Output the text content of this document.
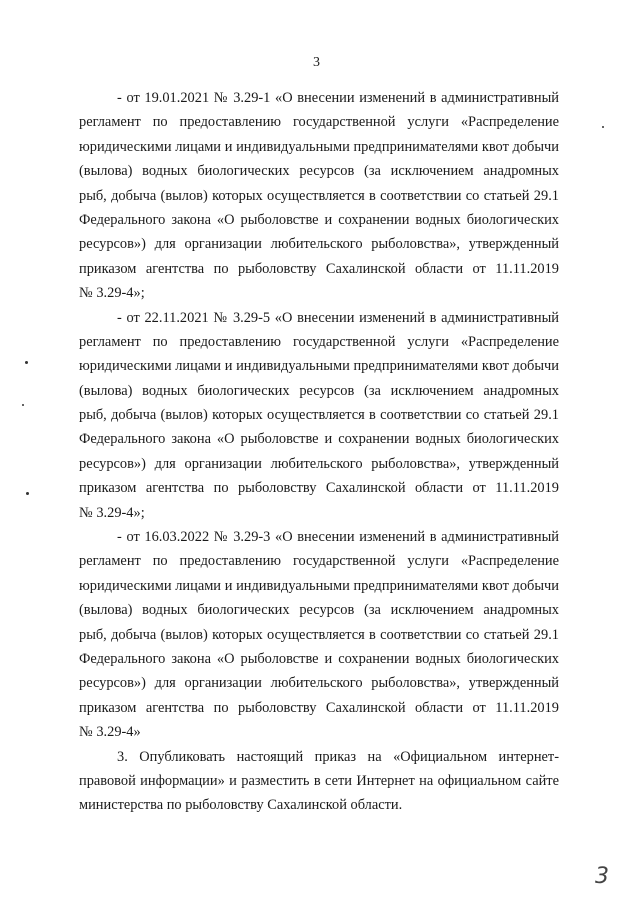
3
- от 19.01.2021 № 3.29-1 «О внесении изменений в административный
регламент по предоставлению государственной услуги «Распределение
юридическими лицами и индивидуальными предпринимателями квот добычи
(вылова) водных биологических ресурсов (за исключением анадромных
рыб, добыча (вылов) которых осуществляется в соответствии со статьей 29.1
Федерального закона «О рыболовстве и сохранении водных биологических
ресурсов») для организации любительского рыболовства», утвержденный
приказом агентства по рыболовству Сахалинской области от 11.11.2019
№ 3.29-4»;
- от 22.11.2021 № 3.29-5 «О внесении изменений в административный
регламент по предоставлению государственной услуги «Распределение
юридическими лицами и индивидуальными предпринимателями квот добычи
(вылова) водных биологических ресурсов (за исключением анадромных
рыб, добыча (вылов) которых осуществляется в соответствии со статьей 29.1
Федерального закона «О рыболовстве и сохранении водных биологических
ресурсов») для организации любительского рыболовства», утвержденный
приказом агентства по рыболовству Сахалинской области от 11.11.2019
№ 3.29-4»;
- от 16.03.2022 № 3.29-3 «О внесении изменений в административный
регламент по предоставлению государственной услуги «Распределение
юридическими лицами и индивидуальными предпринимателями квот добычи
(вылова) водных биологических ресурсов (за исключением анадромных
рыб, добыча (вылов) которых осуществляется в соответствии со статьей 29.1
Федерального закона «О рыболовстве и сохранении водных биологических
ресурсов») для организации любительского рыболовства», утвержденный
приказом агентства по рыболовству Сахалинской области от 11.11.2019
№ 3.29-4»
3. Опубликовать настоящий приказ на «Официальном интернет-
правовой информации» и разместить в сети Интернет на официальном сайте
министерства по рыболовству Сахалинской области.
3
